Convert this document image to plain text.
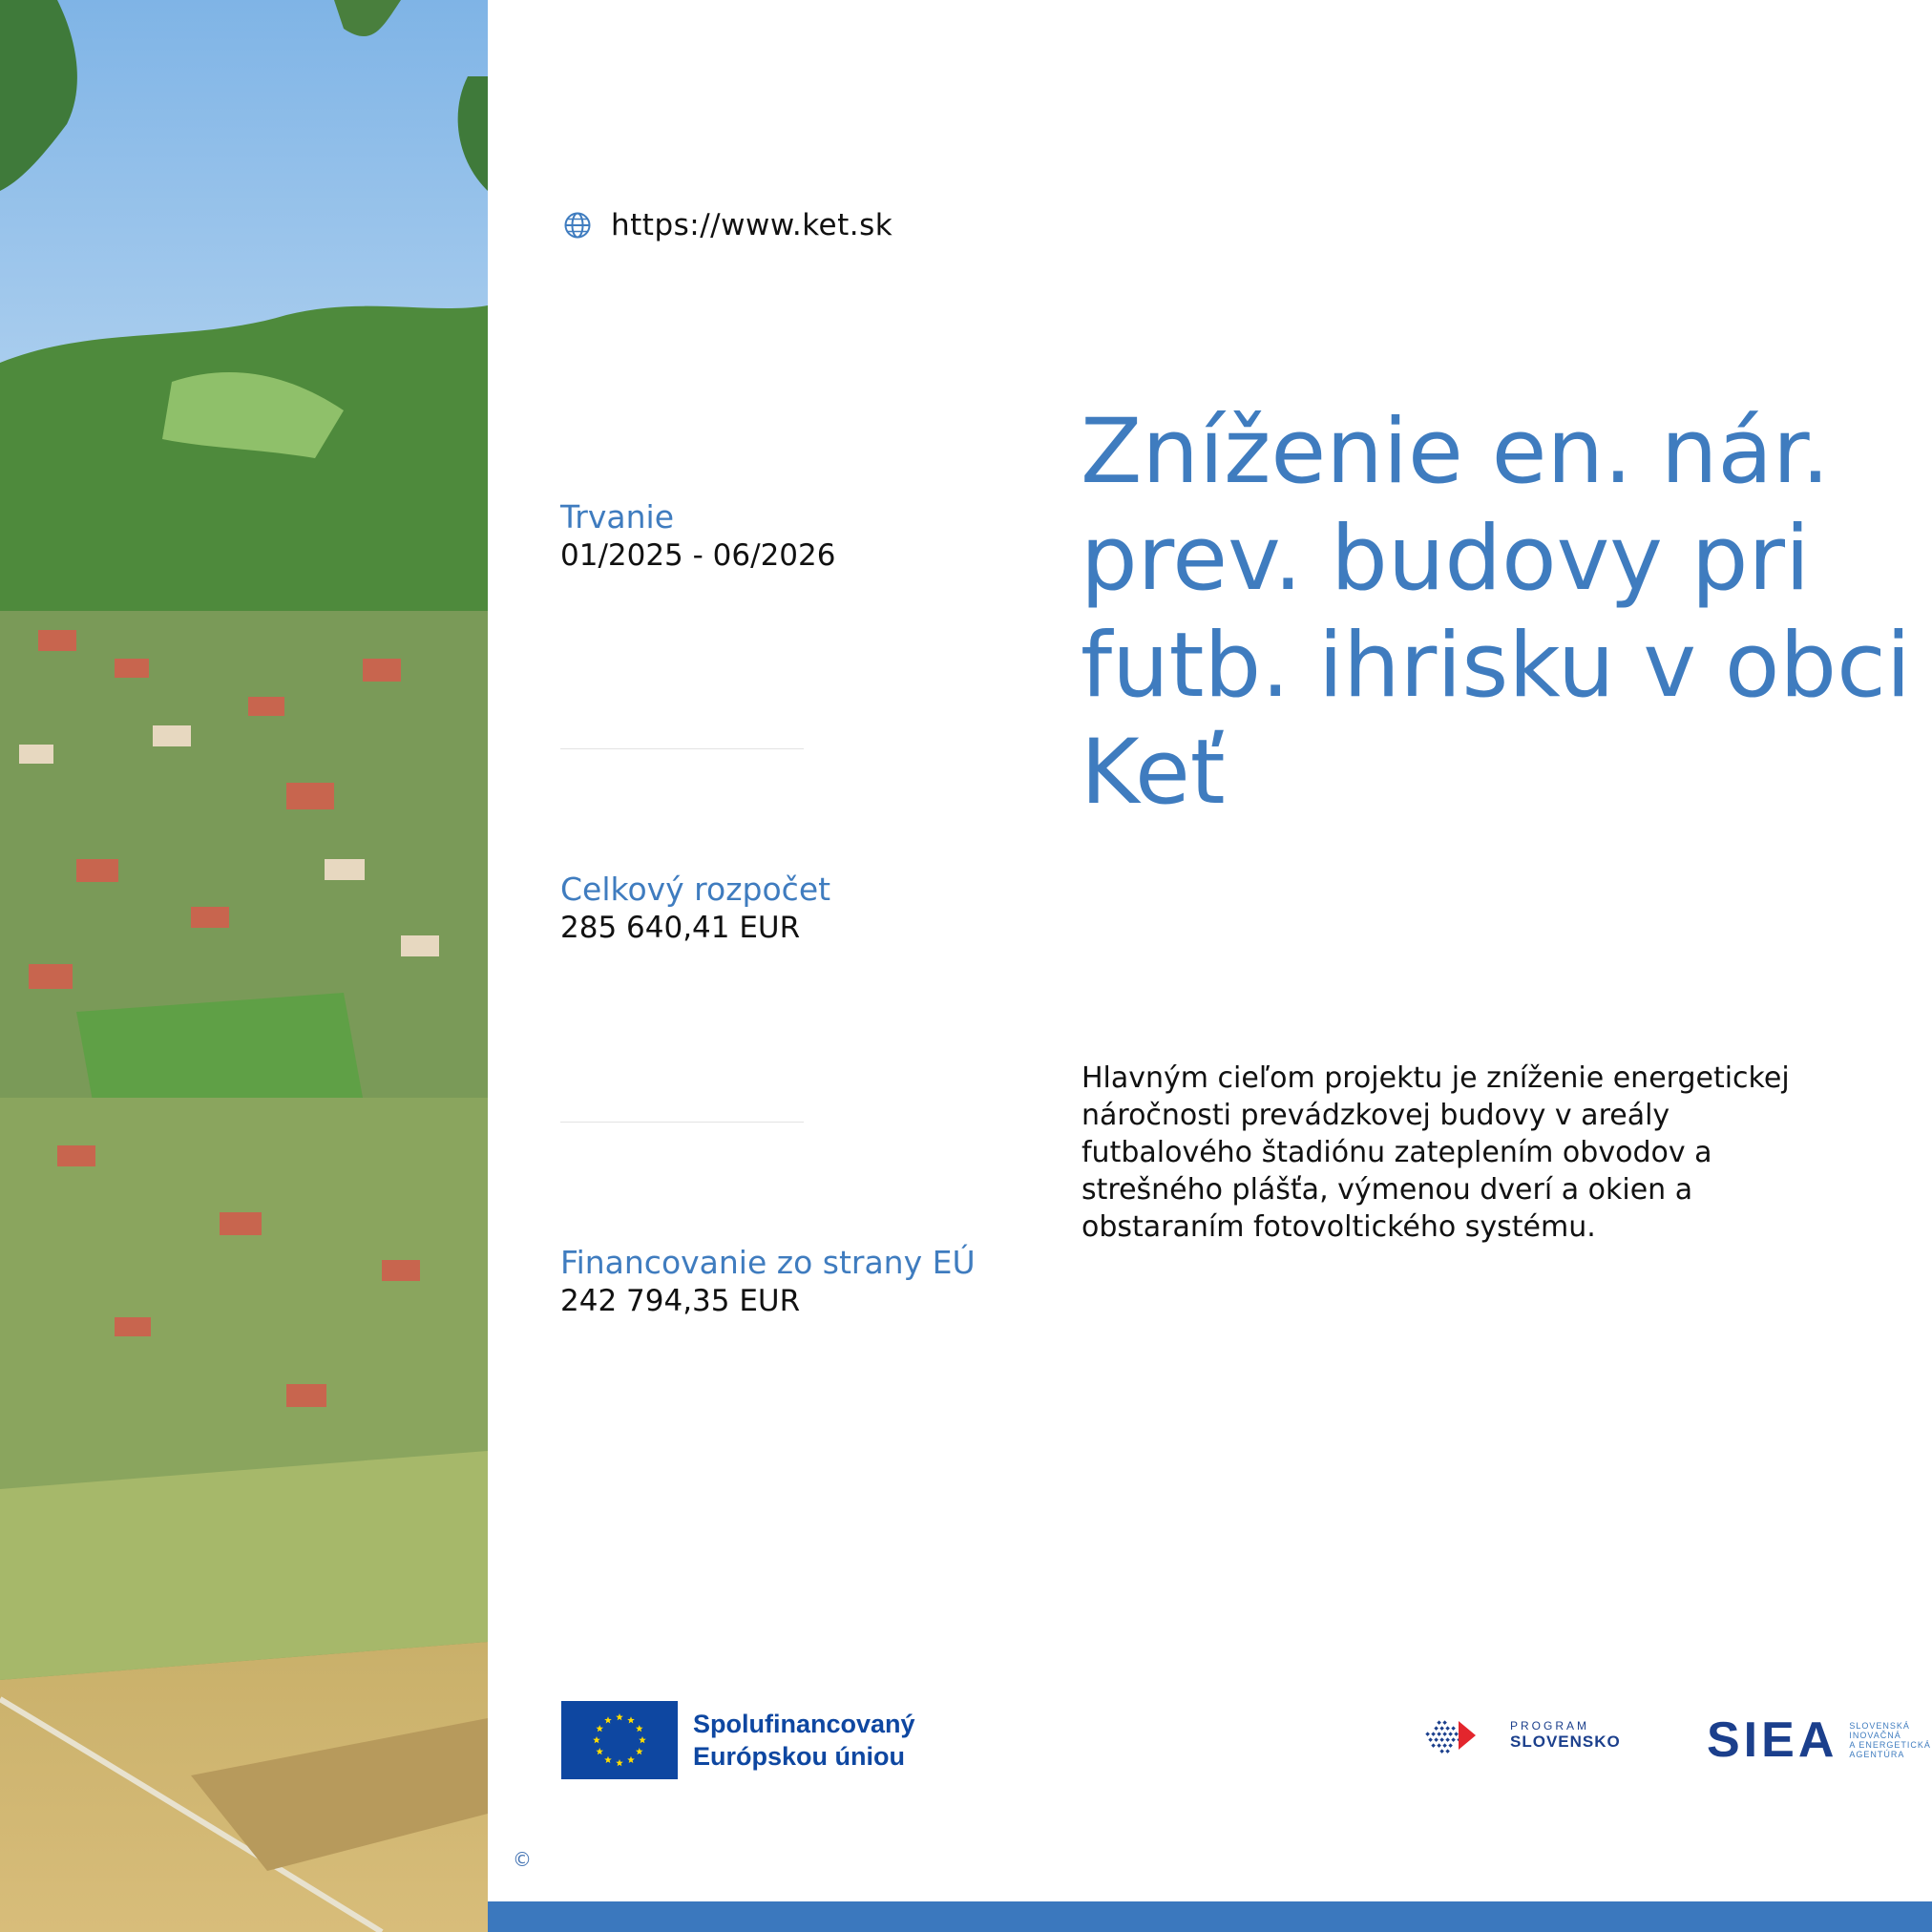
https://www.ket.sk
Trvanie
01/2025 - 06/2026
Celkový rozpočet
285 640,41 EUR
Financovanie zo strany EÚ
242 794,35 EUR
Zníženie en. nár. prev. budovy pri futb. ihrisku v obci Keť

Hlavným cieľom projektu je zníženie energetickej náročnosti prevádzkovej budovy v areály futbalového štadiónu zateplením obvodov a strešného plášťa, výmenou dverí a okien a obstaraním fotovoltického systému.

Spolufinancovaný
Európskou úniou
PROGRAM
SLOVENSKO SIEA SLOVENSKÁ
INOVAČNÁ
A ENERGETICKÁ
AGENTÚRA
©
